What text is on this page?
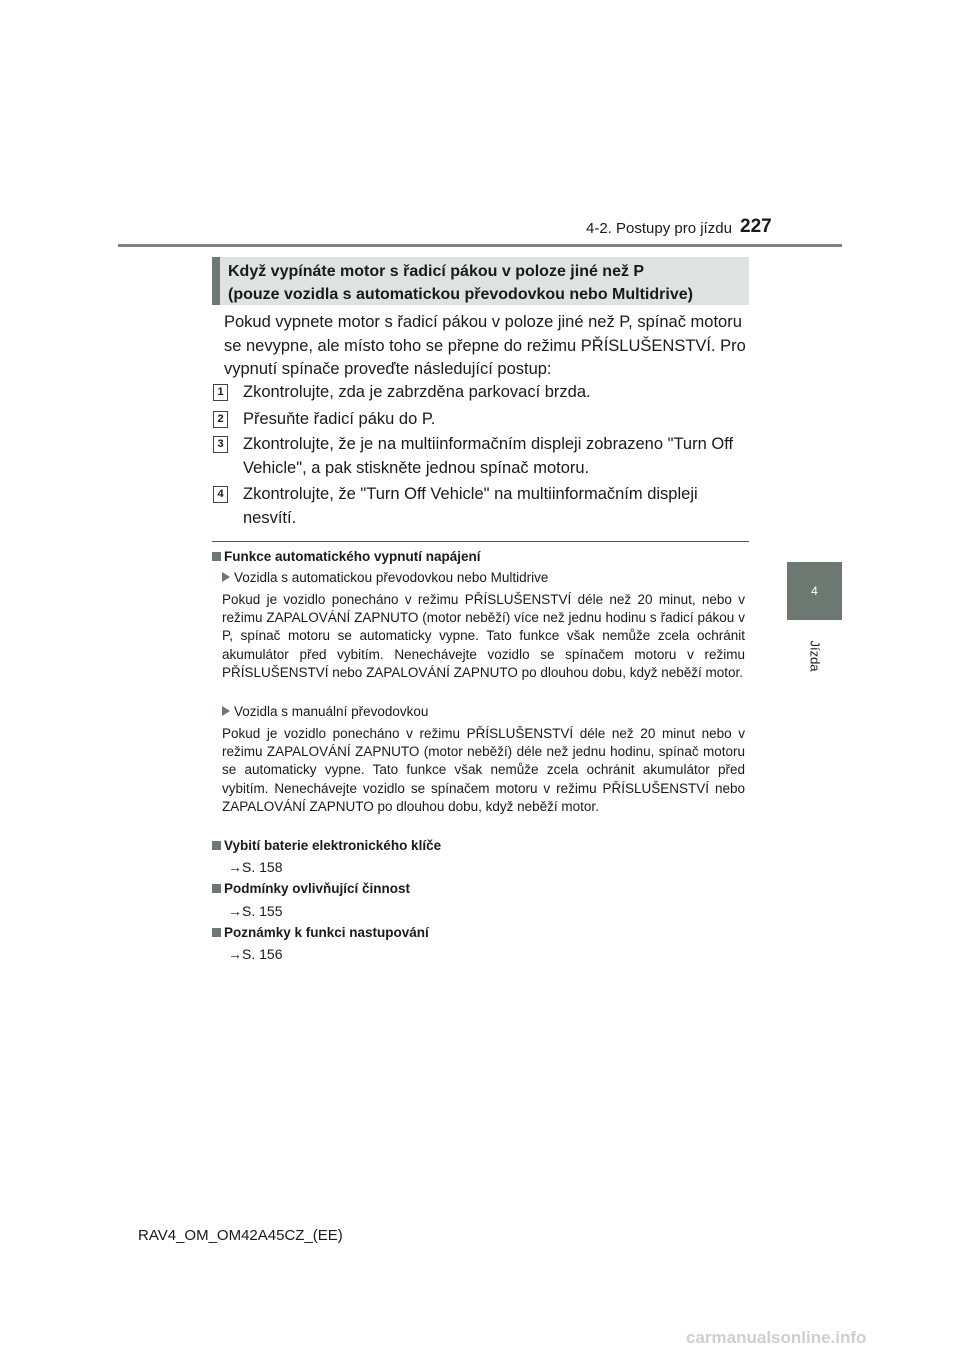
4-2. Postupy pro jízdu 227
4
Jízda
Když vypínáte motor s řadicí pákou v poloze jiné než P
(pouze vozidla s automatickou převodovkou nebo Multidrive)
Pokud vypnete motor s řadicí pákou v poloze jiné než P, spínač motoru se nevypne, ale místo toho se přepne do režimu PŘÍSLUŠENSTVÍ. Pro vypnutí spínače proveďte následující postup:
1 Zkontrolujte, zda je zabrzděna parkovací brzda.
2 Přesuňte řadicí páku do P.
3 Zkontrolujte, že je na multiinformačním displeji zobrazeno "Turn Off Vehicle", a pak stiskněte jednou spínač motoru.
4 Zkontrolujte, že "Turn Off Vehicle" na multiinformačním displeji nesvítí.
Funkce automatického vypnutí napájení
Vozidla s automatickou převodovkou nebo Multidrive
Pokud je vozidlo ponecháno v režimu PŘÍSLUŠENSTVÍ déle než 20 minut, nebo v režimu ZAPALOVÁNÍ ZAPNUTO (motor neběží) více než jednu hodinu s řadicí pákou v P, spínač motoru se automaticky vypne. Tato funkce však nemůže zcela ochránit akumulátor před vybitím. Nenechávejte vozidlo se spínačem motoru v režimu PŘÍSLUŠENSTVÍ nebo ZAPALOVÁNÍ ZAPNUTO po dlouhou dobu, když neběží motor.
Vozidla s manuální převodovkou
Pokud je vozidlo ponecháno v režimu PŘÍSLUŠENSTVÍ déle než 20 minut nebo v režimu ZAPALOVÁNÍ ZAPNUTO (motor neběží) déle než jednu hodinu, spínač motoru se automaticky vypne. Tato funkce však nemůže zcela ochránit akumulátor před vybitím. Nenechávejte vozidlo se spínačem motoru v režimu PŘÍSLUŠENSTVÍ nebo ZAPALOVÁNÍ ZAPNUTO po dlouhou dobu, když neběží motor.
Vybití baterie elektronického klíče
→S. 158
Podmínky ovlivňující činnost
→S. 155
Poznámky k funkci nastupování
→S. 156
RAV4_OM_OM42A45CZ_(EE)
carmanualsonline.info
